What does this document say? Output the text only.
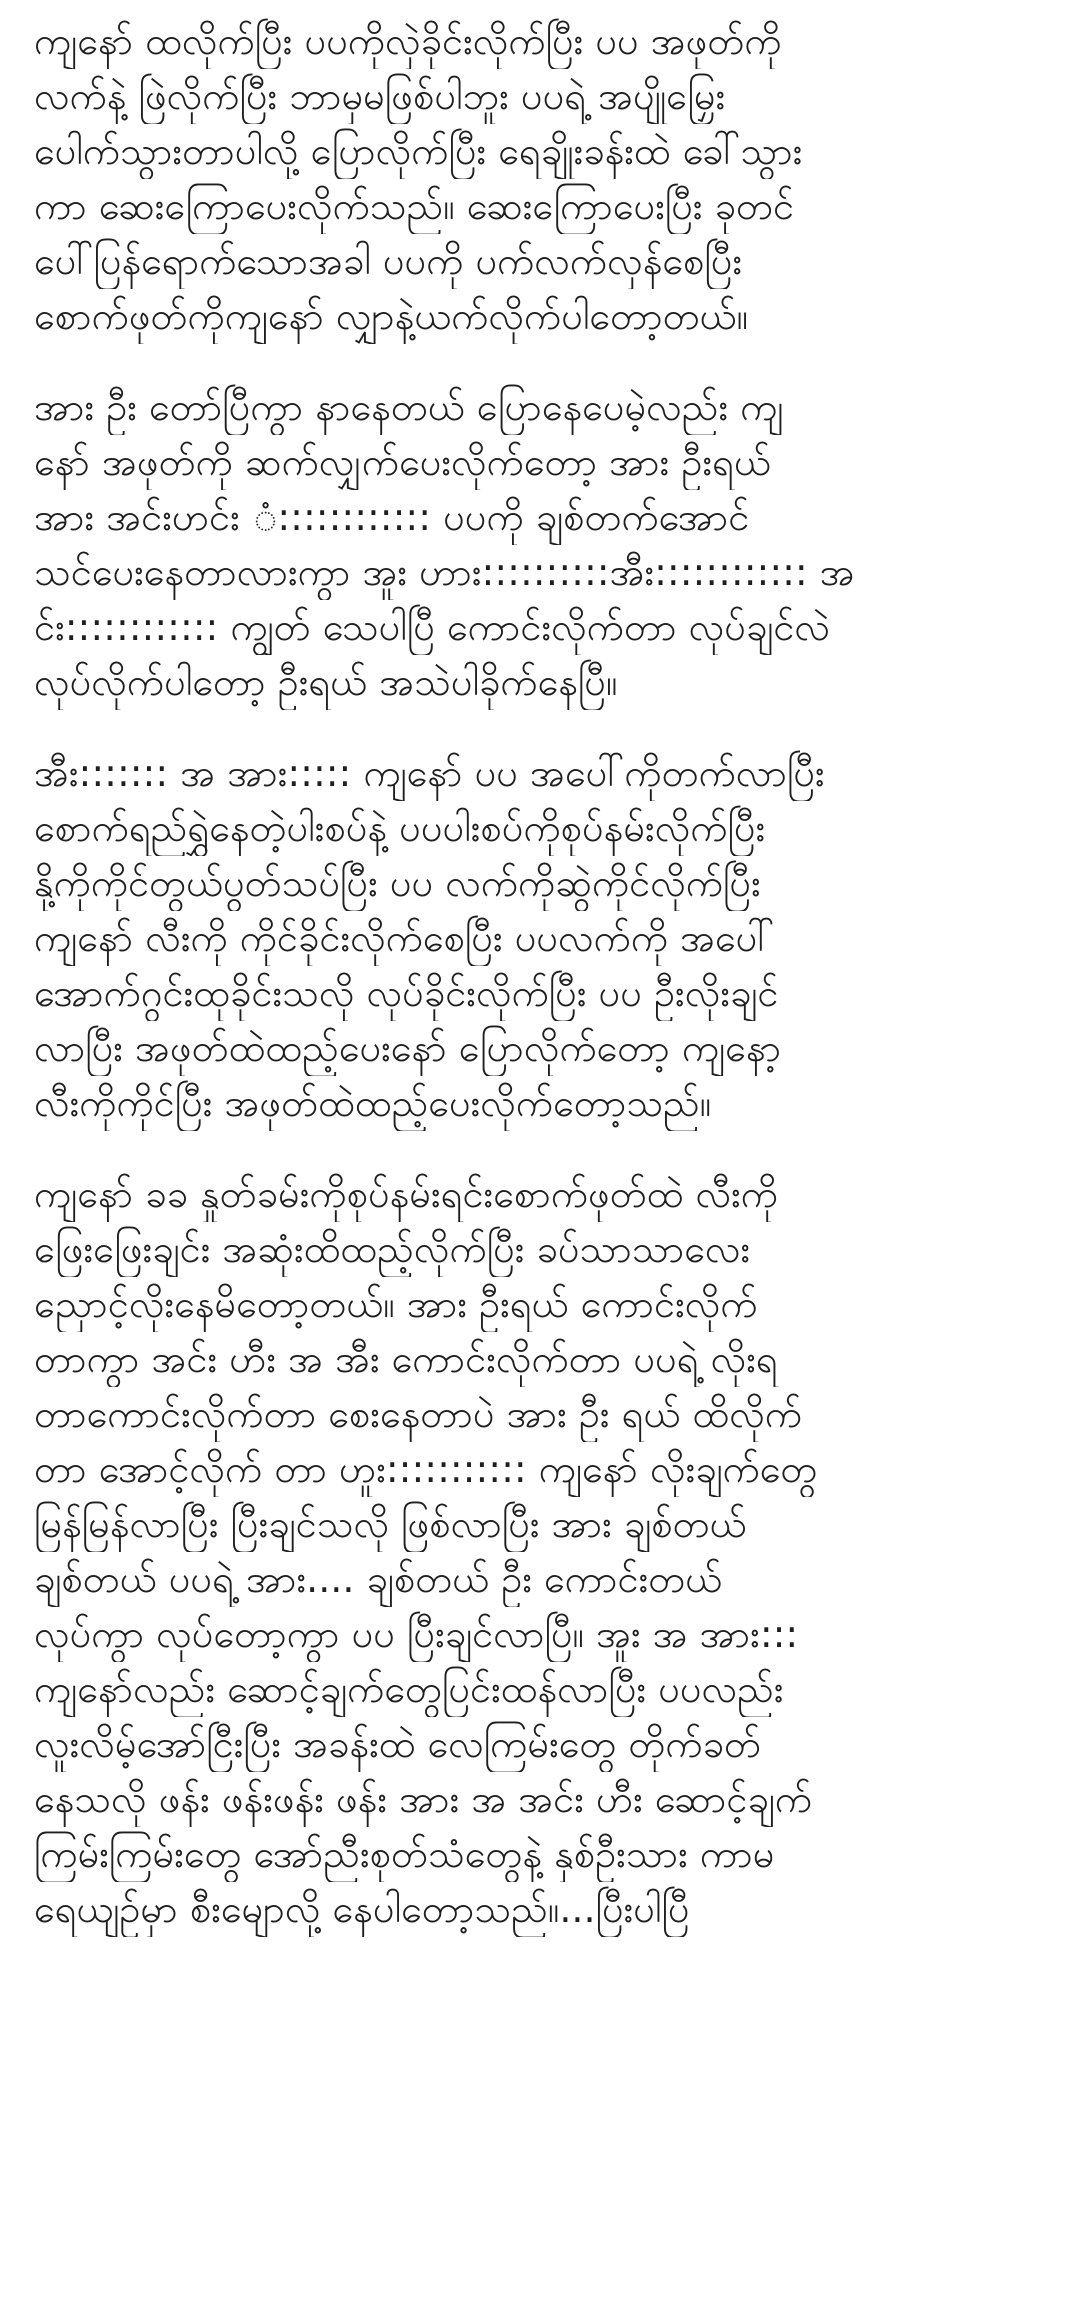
ကျနော် ထလိုက်ပြီး ပပကိုလှဲခိုင်းလိုက်ပြီး ပပ အဖုတ်ကို
လက်နဲ့ ဖြဲလိုက်ပြီး ဘာမှမဖြစ်ပါဘူး ပပရဲ့ အပျိုမြှေး
ပေါက်သွားတာပါလို့ ပြောလိုက်ပြီး ရေချိုးခန်းထဲ ခေါ်သွား
ကာ ဆေးကြောပေးလိုက်သည်။ ဆေးကြောပေးပြီး ခုတင်
ပေါ်ပြန်ရောက်သောအခါ ပပကို ပက်လက်လှန်စေပြီး
စောက်ဖုတ်ကိုကျနော် လျှာနဲ့ယက်လိုက်ပါတော့တယ်။
အား ဦး တော်ပြီကွာ နာနေတယ် ပြောနေပေမဲ့လည်း ကျ
နော် အဖုတ်ကို ဆက်လျှက်ပေးလိုက်တော့ အား ဦးရယ်
အား အင်းဟင်း ံ:::::::::::: ပပကို ချစ်တက်အောင်
သင်ပေးနေတာလားကွာ အူး ဟား::::::::::အီး:::::::::::: အ
င်း:::::::::::: ကျွတ် သေပါပြီ ကောင်းလိုက်တာ လုပ်ချင်လဲ
လုပ်လိုက်ပါတော့ ဦးရယ် အသဲပါခိုက်နေပြီ။
အီး::::::: အ အား::::: ကျနော် ပပ အပေါ်ကိုတက်လာပြီး
စောက်ရည်ရွှဲနေတဲ့ပါးစပ်နဲ့ ပပပါးစပ်ကိုစုပ်နမ်းလိုက်ပြီး
နို့ကိုကိုင်တွယ်ပွတ်သပ်ပြီး ပပ လက်ကိုဆွဲကိုင်လိုက်ပြီး
ကျနော် လီးကို ကိုင်ခိုင်းလိုက်စေပြီး ပပလက်ကို အပေါ်
အောက်ဂွင်းထုခိုင်းသလို လုပ်ခိုင်းလိုက်ပြီး ပပ ဦးလိုးချင်
လာပြီး အဖုတ်ထဲထည့်ပေးနော် ပြောလိုက်တော့ ကျနော့
လီးကိုကိုင်ပြီး အဖုတ်ထဲထည့်ပေးလိုက်တော့သည်။
ကျနော် ခခ နှုတ်ခမ်းကိုစုပ်နမ်းရင်းစောက်ဖုတ်ထဲ လီးကို
ဖြေးဖြေးချင်း အဆုံးထိထည့်လိုက်ပြီး ခပ်သာသာလေး
ညှောင့်လိုးနေမိတော့တယ်။ အား ဦးရယ် ကောင်းလိုက်
တာကွာ အင်း ဟီး အ အီး ကောင်းလိုက်တာ ပပရဲ့ လိုးရ
တာကောင်းလိုက်တာ စေးနေတာပဲ အား ဦး ရယ် ထိလိုက်
တာ အောင့်လိုက် တာ ဟူး::::::::::: ကျနော် လိုးချက်တွေ
မြန်မြန်လာပြီး ပြီးချင်သလို ဖြစ်လာပြီး အား ချစ်တယ်
ချစ်တယ် ပပရဲ့ အား.... ချစ်တယ် ဦး ကောင်းတယ်
လုပ်ကွာ လုပ်တော့ကွာ ပပ ပြီးချင်လာပြီ။ အူး အ အား:::
ကျနော်လည်း ဆောင့်ချက်တွေပြင်းထန်လာပြီး ပပလည်း
လူးလိမ့်အော်ငြီးပြီး အခန်းထဲ လေကြမ်းတွေ တိုက်ခတ်
နေသလို ဖန်း ဖန်းဖန်း ဖန်း အား အ အင်း ဟီး ဆောင့်ချက်
ကြမ်းကြမ်းတွေ အော်ညီးစုတ်သံတွေနဲ့ နှစ်ဦးသား ကာမ
ရေယျဉ်မှာ စီးမျောလို့ နေပါတော့သည်။...ပြီးပါပြီ
